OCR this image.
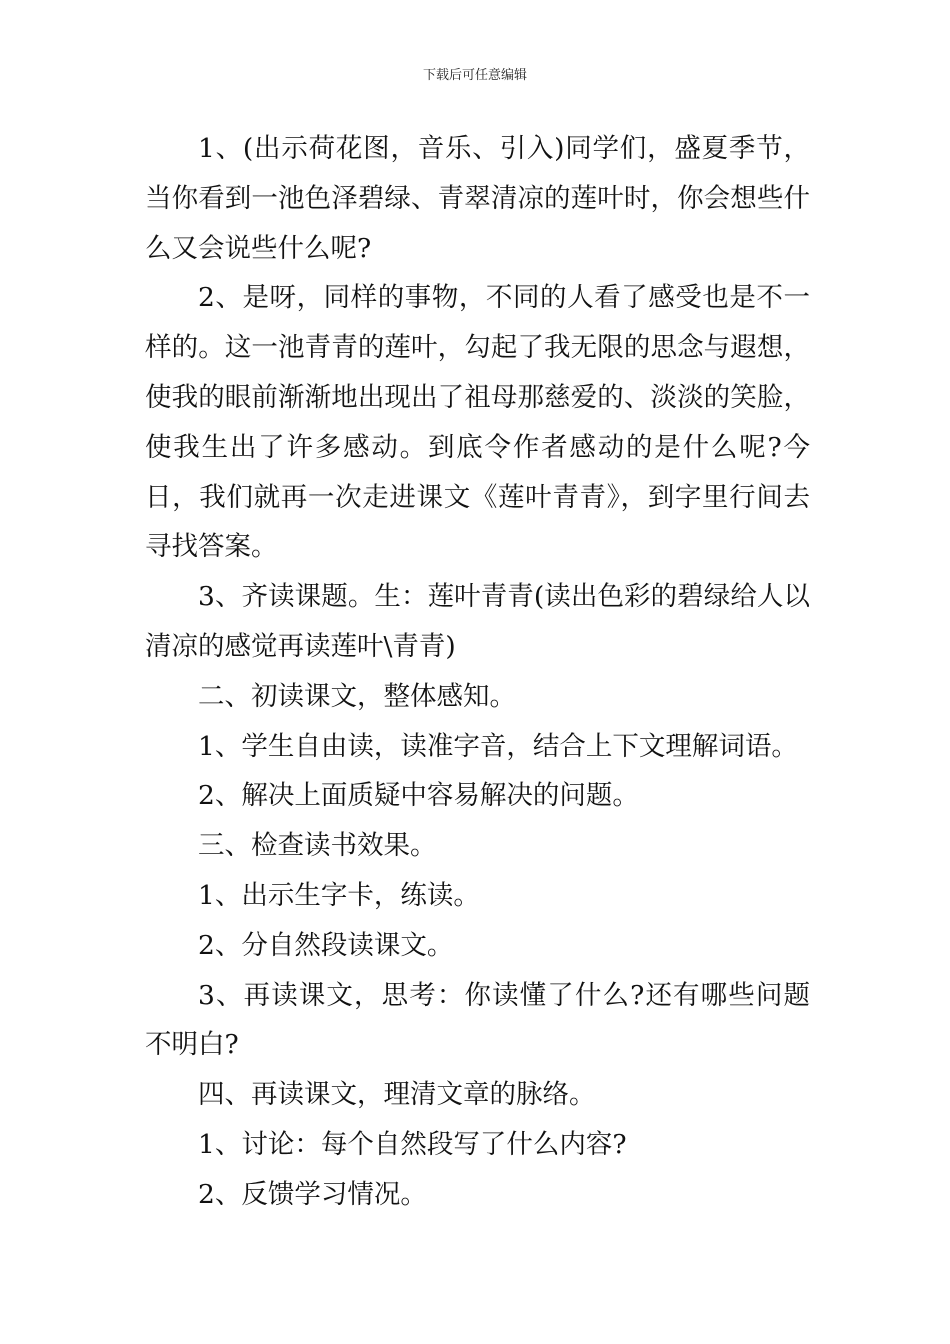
下载后可任意编辑

1、(出示荷花图，音乐、引入)同学们，盛夏季节，当你看到一池色泽碧绿、青翠清凉的莲叶时，你会想些什么又会说些什么呢?

2、是呀，同样的事物，不同的人看了感受也是不一样的。这一池青青的莲叶，勾起了我无限的思念与遐想，使我的眼前渐渐地出现出了祖母那慈爱的、淡淡的笑脸，使我生出了许多感动。到底令作者感动的是什么呢?今日，我们就再一次走进课文《莲叶青青》，到字里行间去寻找答案。

3、齐读课题。生：莲叶青青(读出色彩的碧绿给人以清凉的感觉再读莲叶\青青)

二、初读课文，整体感知。

1、学生自由读，读准字音，结合上下文理解词语。

2、解决上面质疑中容易解决的问题。

三、检查读书效果。

1、出示生字卡，练读。

2、分自然段读课文。

3、再读课文，思考：你读懂了什么?还有哪些问题不明白?

四、再读课文，理清文章的脉络。

1、讨论：每个自然段写了什么内容?

2、反馈学习情况。
